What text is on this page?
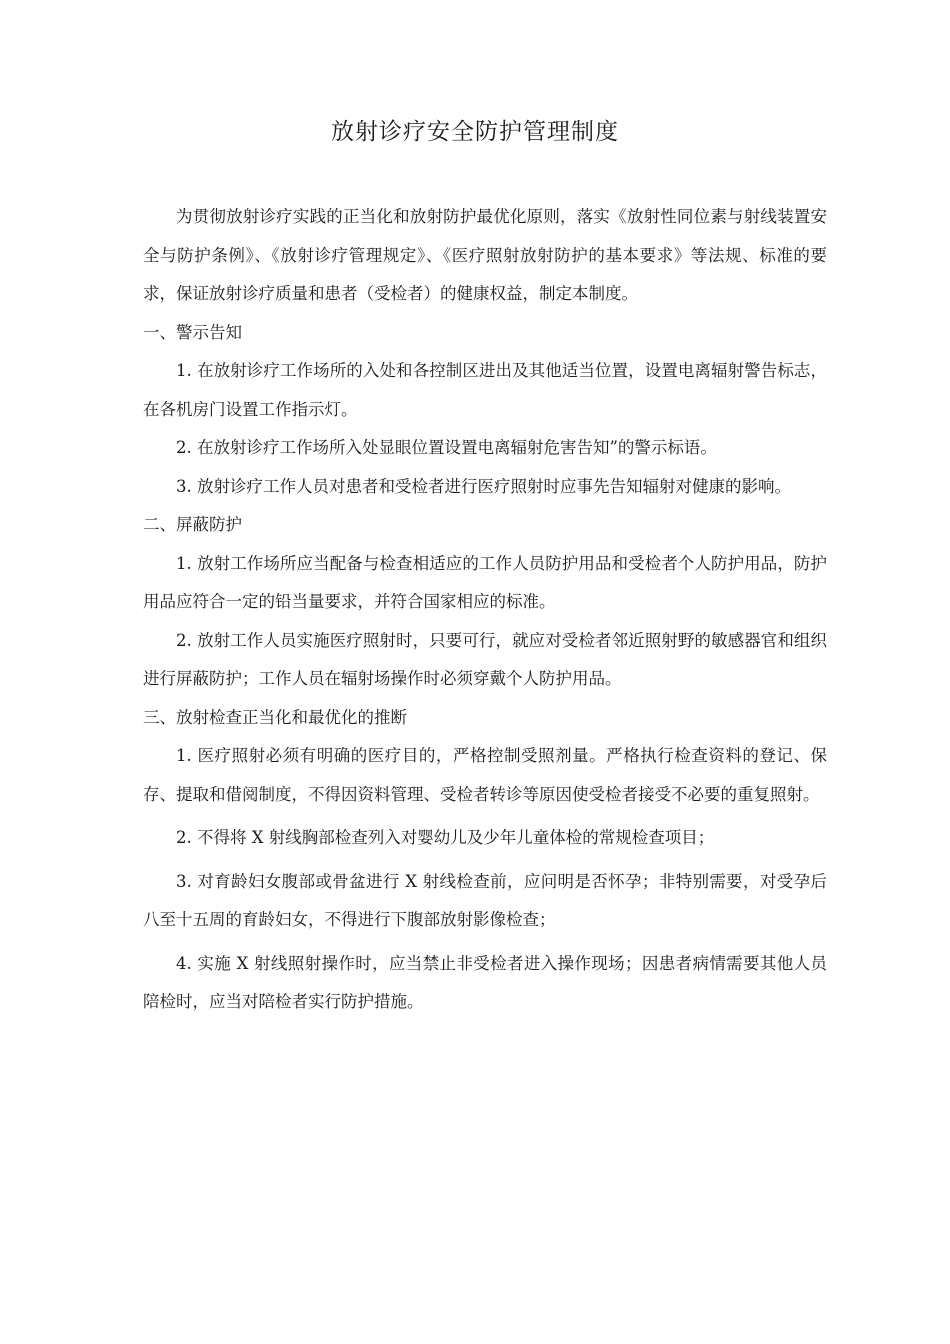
放射诊疗安全防护管理制度

为贯彻放射诊疗实践的正当化和放射防护最优化原则，落实《放射性同位素与射线装置安全与防护条例》、《放射诊疗管理规定》、《医疗照射放射防护的基本要求》等法规、标准的要求，保证放射诊疗质量和患者（受检者）的健康权益，制定本制度。

一、警示告知

1. 在放射诊疗工作场所的入处和各控制区进出及其他适当位置，设置电离辐射警告标志，在各机房门设置工作指示灯。

2. 在放射诊疗工作场所入处显眼位置设置电离辐射危害告知”的警示标语。

3. 放射诊疗工作人员对患者和受检者进行医疗照射时应事先告知辐射对健康的影响。

二、屏蔽防护

1. 放射工作场所应当配备与检查相适应的工作人员防护用品和受检者个人防护用品，防护用品应符合一定的铅当量要求，并符合国家相应的标准。

2. 放射工作人员实施医疗照射时，只要可行，就应对受检者邻近照射野的敏感器官和组织进行屏蔽防护；工作人员在辐射场操作时必须穿戴个人防护用品。

三、放射检查正当化和最优化的推断

1. 医疗照射必须有明确的医疗目的，严格控制受照剂量。严格执行检查资料的登记、保存、提取和借阅制度，不得因资料管理、受检者转诊等原因使受检者接受不必要的重复照射。

2. 不得将 X 射线胸部检查列入对婴幼儿及少年儿童体检的常规检查项目；

3. 对育龄妇女腹部或骨盆进行 X 射线检查前，应问明是否怀孕；非特别需要，对受孕后八至十五周的育龄妇女，不得进行下腹部放射影像检查；

4. 实施 X 射线照射操作时，应当禁止非受检者进入操作现场；因患者病情需要其他人员陪检时，应当对陪检者实行防护措施。
